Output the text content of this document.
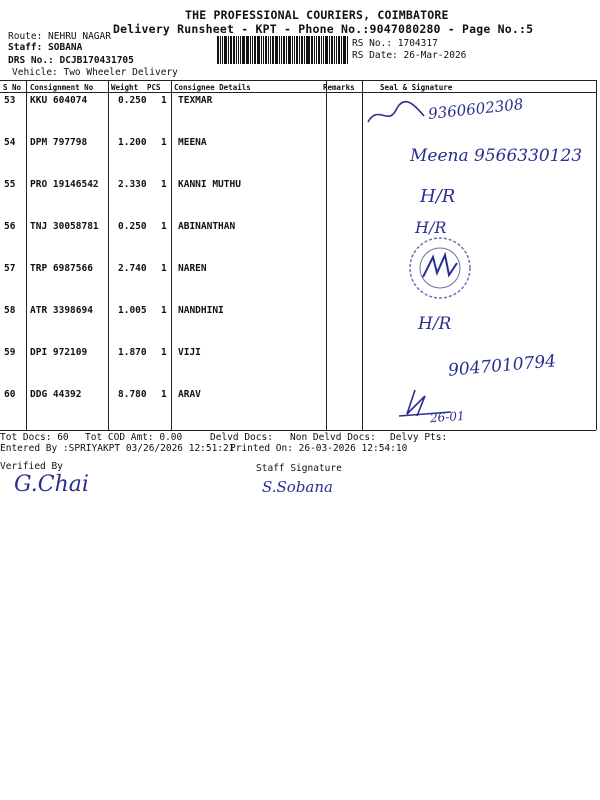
THE PROFESSIONAL COURIERS, COIMBATORE
Delivery Runsheet - KPT - Phone No.:9047080280 - Page No.:5
Route: NEHRU NAGAR
Staff: SOBANA
DRS No.: DCJB170431705
Vehicle: Two Wheeler Delivery
RS No.: 1704317
RS Date: 26-Mar-2026
S No Consignment No Weight PCS Consignee Details	Remarks	Seal & Signature
53 KKU 604074	0.250 1 TEXMAR	9360602308
54 DPM 797798	1.200 1 MEENA
Meena 9566330123
55 PRO 19146542 2.330 1 KANNI MUTHU
H/R
56 TNJ 30058781 0.250 1 ABINANTHAN	H/R
57 TRP 6987566	2.740 1 NAREN
58 ATR 3398694	1.005 1 NANDHINI
H/R
59 DPI 972109	1.870 1 VIJI	9047010794
60 DDG 44392	8.780 1 ARAV
26-01
Tot Docs: 60 Tot COD Amt: 0.00	Delvd Docs: Non Delvd Docs: Delvy Pts:
Entered By :SPRIYAKPT 03/26/2026 12:51:21
Printed On: 26-03-2026 12:54:10
Verified By	Staff Signature
G.Chai	S.Sobana
